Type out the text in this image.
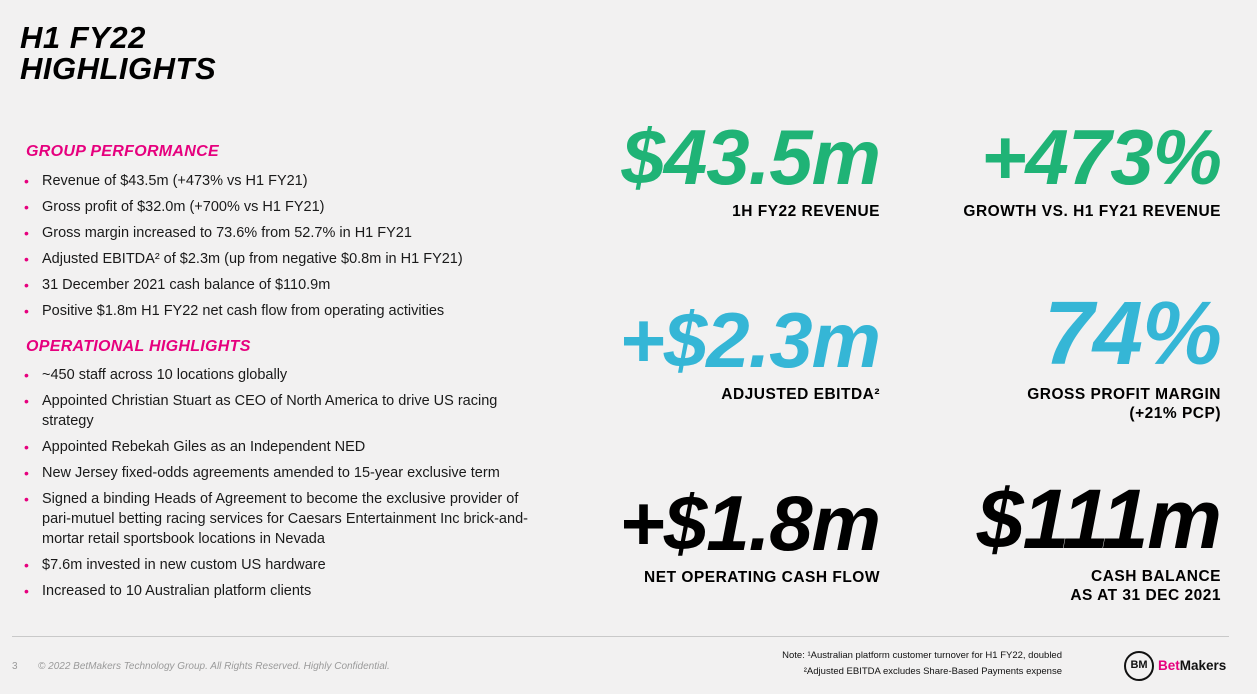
H1 FY22
HIGHLIGHTS
GROUP PERFORMANCE
• Revenue of $43.5m (+473% vs H1 FY21)
• Gross profit of $32.0m (+700% vs H1 FY21)
• Gross margin increased to 73.6% from 52.7% in H1 FY21
• Adjusted EBITDA² of $2.3m (up from negative $0.8m in H1 FY21)
• 31 December 2021 cash balance of $110.9m
• Positive $1.8m H1 FY22 net cash flow from operating activities
OPERATIONAL HIGHLIGHTS
• ~450 staff across 10 locations globally
• Appointed Christian Stuart as CEO of North America to drive US racing strategy
• Appointed Rebekah Giles as an Independent NED
• New Jersey fixed-odds agreements amended to 15-year exclusive term
• Signed a binding Heads of Agreement to become the exclusive provider of pari-mutuel betting racing services for Caesars Entertainment Inc brick-and-mortar retail sportsbook locations in Nevada
• $7.6m invested in new custom US hardware
• Increased to 10 Australian platform clients
$43.5m
1H FY22 REVENUE
+473%
GROWTH VS. H1 FY21 REVENUE
+$2.3m
ADJUSTED EBITDA²
74%
GROSS PROFIT MARGIN
(+21% PCP)
+$1.8m
NET OPERATING CASH FLOW
$111m
CASH BALANCE
AS AT 31 DEC 2021
3 © 2022 BetMakers Technology Group. All Rights Reserved. Highly Confidential.
Note: ¹Australian platform customer turnover for H1 FY22, doubled
²Adjusted EBITDA excludes Share-Based Payments expense
BM BetMakers
